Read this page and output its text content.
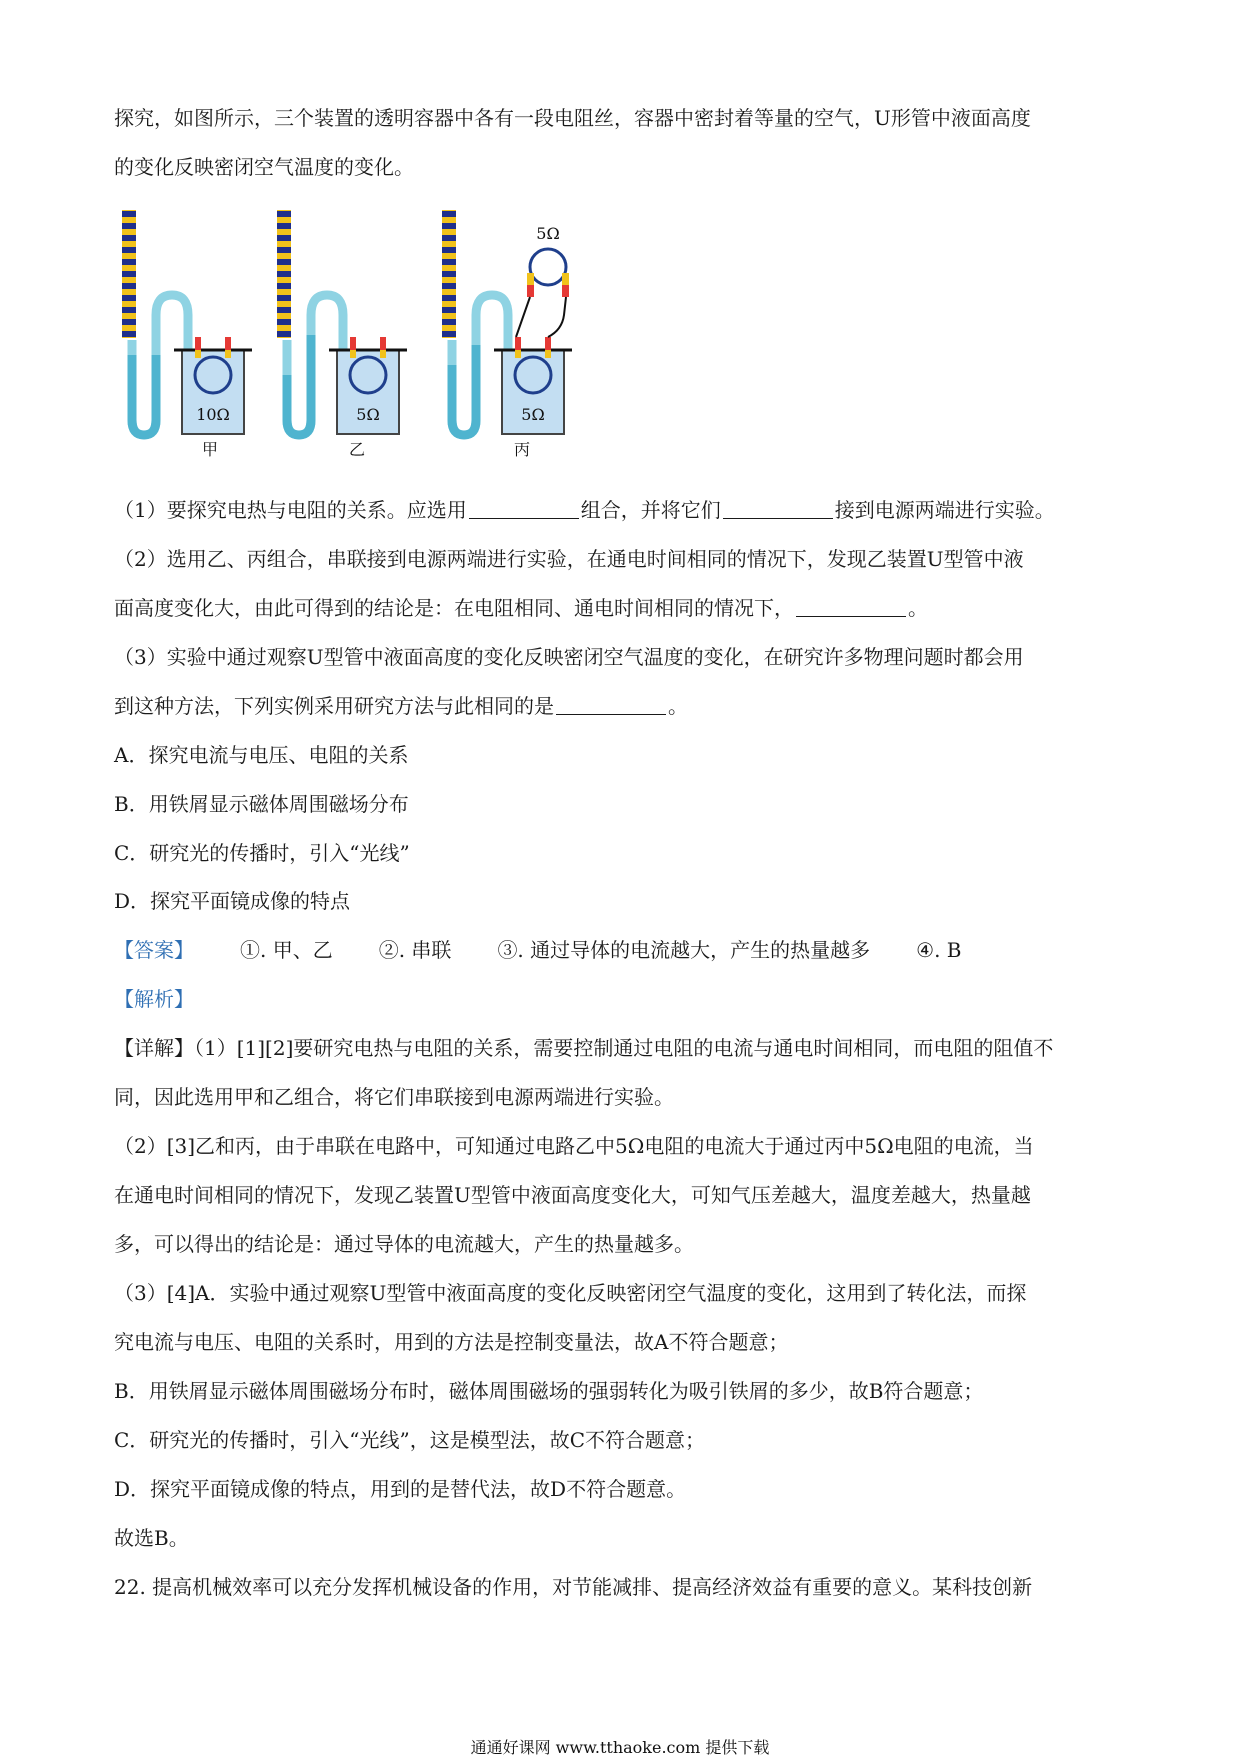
探究，如图所示，三个装置的透明容器中各有一段电阻丝，容器中密封着等量的空气，U形管中液面高度
的变化反映密闭空气温度的变化。
10Ω
甲
5Ω
乙
5Ω
丙
5Ω
（1）要探究电热与电阻的关系。应选用	组合，并将它们	接到电源两端进行实验。
（2）选用乙、丙组合，串联接到电源两端进行实验，在通电时间相同的情况下，发现乙装置U型管中液
面高度变化大，由此可得到的结论是：在电阻相同、通电时间相同的情况下，	。
（3）实验中通过观察U型管中液面高度的变化反映密闭空气温度的变化，在研究许多物理问题时都会用
到这种方法，下列实例采用研究方法与此相同的是	。
A．探究电流与电压、电阻的关系
B．用铁屑显示磁体周围磁场分布
C．研究光的传播时，引入“光线”
D．探究平面镜成像的特点
【答案】 ①. 甲、乙 ②. 串联 ③. 通过导体的电流越大，产生的热量越多 ④. B
【解析】
【详解】（1）[1][2]要研究电热与电阻的关系，需要控制通过电阻的电流与通电时间相同，而电阻的阻值不
同，因此选用甲和乙组合，将它们串联接到电源两端进行实验。
（2）[3]乙和丙，由于串联在电路中，可知通过电路乙中5Ω电阻的电流大于通过丙中5Ω电阻的电流，当
在通电时间相同的情况下，发现乙装置U型管中液面高度变化大，可知气压差越大，温度差越大，热量越
多，可以得出的结论是：通过导体的电流越大，产生的热量越多。
（3）[4]A．实验中通过观察U型管中液面高度的变化反映密闭空气温度的变化，这用到了转化法，而探
究电流与电压、电阻的关系时，用到的方法是控制变量法，故A不符合题意；
B．用铁屑显示磁体周围磁场分布时，磁体周围磁场的强弱转化为吸引铁屑的多少，故B符合题意；
C．研究光的传播时，引入“光线”，这是模型法，故C不符合题意；
D．探究平面镜成像的特点，用到的是替代法，故D不符合题意。
故选B。
22. 提高机械效率可以充分发挥机械设备的作用，对节能减排、提高经济效益有重要的意义。某科技创新
通通好课网 www.tthaoke.com 提供下载
